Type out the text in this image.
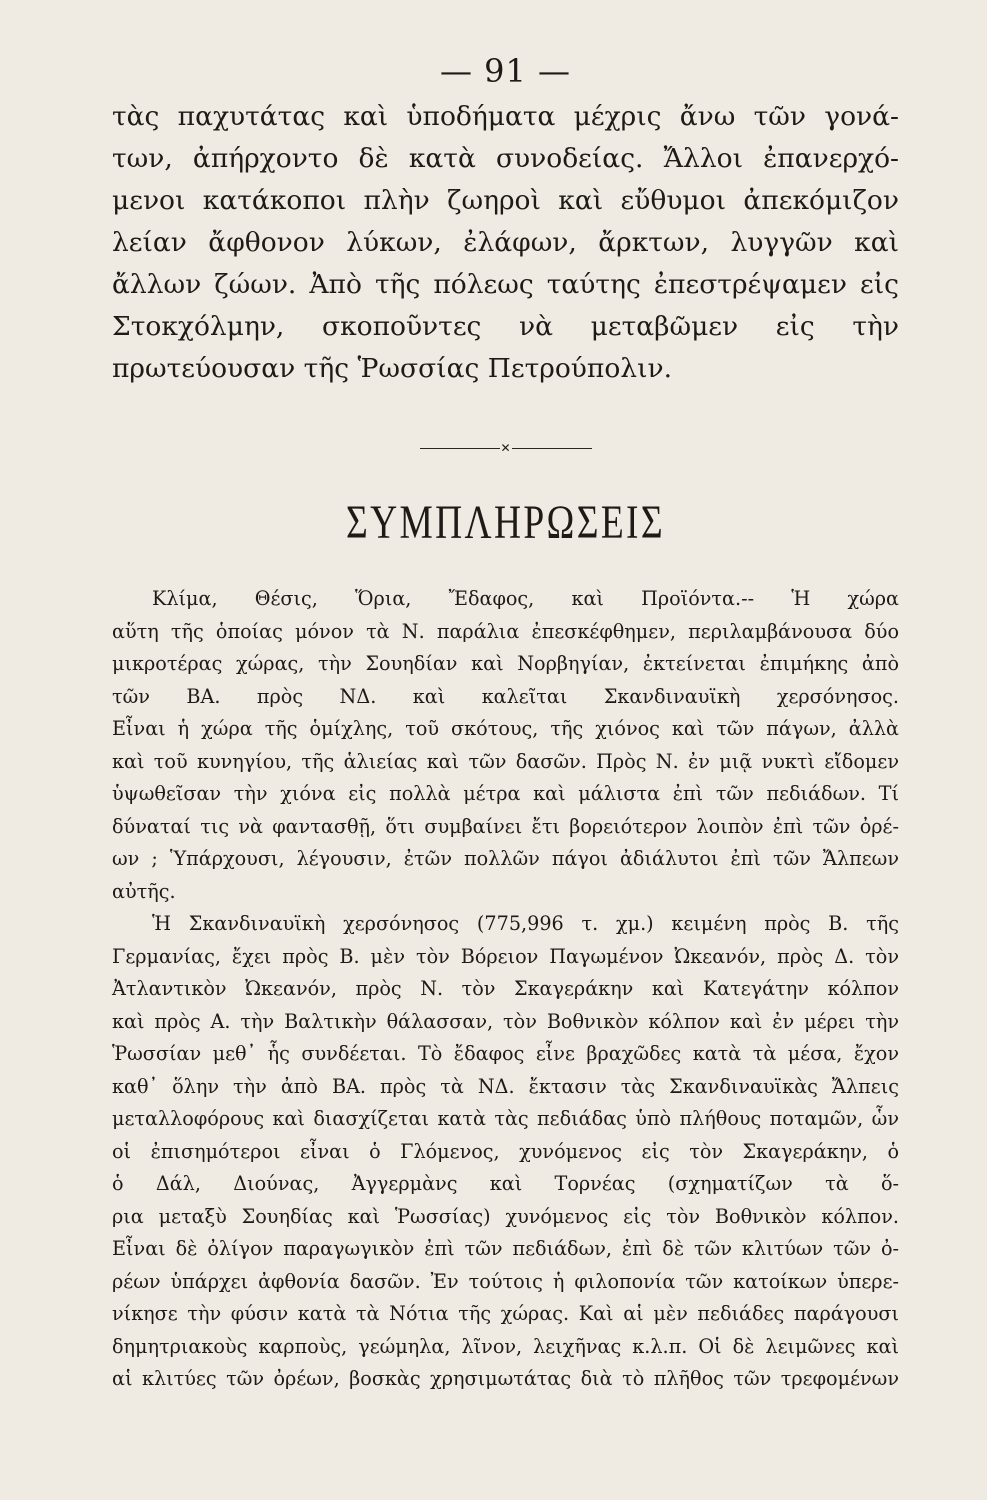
— 91 —
τὰς παχυτάτας καὶ ὑποδήματα μέχρις ἄνω τῶν γονά-
των, ἀπήρχοντο δὲ κατὰ συνοδείας. Ἄλλοι ἐπανερχό-
μενοι κατάκοποι πλὴν ζωηροὶ καὶ εὔθυμοι ἀπεκόμιζον
λείαν ἄφθονον λύκων, ἐλάφων, ἄρκτων, λυγγῶν καὶ
ἄλλων ζώων. Ἀπὸ τῆς πόλεως ταύτης ἐπεστρέψαμεν εἰς
Στοκχόλμην, σκοποῦντες νὰ μεταβῶμεν εἰς τὴν
πρωτεύουσαν τῆς Ῥωσσίας Πετρούπολιν.
✕
ΣΥΜΠΛΗΡΩΣΕΙΣ
Κλίμα, Θέσις, Ὅρια, Ἔδαφος, καὶ Προϊόντα.-- Ἡ χώρα
αὕτη τῆς ὁποίας μόνον τὰ Ν. παράλια ἐπεσκέφθημεν, περιλαμβάνουσα δύο
μικροτέρας χώρας, τὴν Σουηδίαν καὶ Νορβηγίαν, ἐκτείνεται ἐπιμήκης ἀπὸ
τῶν ΒΑ. πρὸς ΝΔ. καὶ καλεῖται Σκανδιναυϊκὴ χερσόνησος.
Εἶναι ἡ χώρα τῆς ὁμίχλης, τοῦ σκότους, τῆς χιόνος καὶ τῶν πάγων, ἀλλὰ
καὶ τοῦ κυνηγίου, τῆς ἁλιείας καὶ τῶν δασῶν. Πρὸς Ν. ἐν μιᾷ νυκτὶ εἴδομεν
ὑψωθεῖσαν τὴν χιόνα εἰς πολλὰ μέτρα καὶ μάλιστα ἐπὶ τῶν πεδιάδων. Τί
δύναταί τις νὰ φαντασθῇ, ὅτι συμβαίνει ἔτι βορειότερον λοιπὸν ἐπὶ τῶν ὀρέ-
ων ; Ὑπάρχουσι, λέγουσιν, ἐτῶν πολλῶν πάγοι ἀδιάλυτοι ἐπὶ τῶν Ἄλπεων
αὐτῆς.
Ἡ Σκανδιναυϊκὴ χερσόνησος (775,996 τ. χμ.) κειμένη πρὸς Β. τῆς
Γερμανίας, ἔχει πρὸς Β. μὲν τὸν Βόρειον Παγωμένον Ὠκεανόν, πρὸς Δ. τὸν
Ἀτλαντικὸν Ὠκεανόν, πρὸς Ν. τὸν Σκαγεράκην καὶ Κατεγάτην κόλπον
καὶ πρὸς Α. τὴν Βαλτικὴν θάλασσαν, τὸν Βοθνικὸν κόλπον καὶ ἐν μέρει τὴν
Ῥωσσίαν μεθ᾽ ἧς συνδέεται. Τὸ ἔδαφος εἶνε βραχῶδες κατὰ τὰ μέσα, ἔχον
καθ᾽ ὅλην τὴν ἀπὸ ΒΑ. πρὸς τὰ ΝΔ. ἔκτασιν τὰς Σκανδιναυϊκὰς Ἄλπεις
μεταλλοφόρους καὶ διασχίζεται κατὰ τὰς πεδιάδας ὑπὸ πλήθους ποταμῶν, ὧν
οἱ ἐπισημότεροι εἶναι ὁ Γλόμενος, χυνόμενος εἰς τὸν Σκαγεράκην, ὁ
ὁ Δάλ, Διούνας, Ἀγγερμὰνς καὶ Τορνέας (σχηματίζων τὰ ὅ-
ρια μεταξὺ Σουηδίας καὶ Ῥωσσίας) χυνόμενος εἰς τὸν Βοθνικὸν κόλπον.
Εἶναι δὲ ὀλίγον παραγωγικὸν ἐπὶ τῶν πεδιάδων, ἐπὶ δὲ τῶν κλιτύων τῶν ὀ-
ρέων ὑπάρχει ἀφθονία δασῶν. Ἐν τούτοις ἡ φιλοπονία τῶν κατοίκων ὑπερε-
νίκησε τὴν φύσιν κατὰ τὰ Νότια τῆς χώρας. Καὶ αἱ μὲν πεδιάδες παράγουσι
δημητριακοὺς καρποὺς, γεώμηλα, λῖνον, λειχῆνας κ.λ.π. Οἱ δὲ λειμῶνες καὶ
αἱ κλιτύες τῶν ὀρέων, βοσκὰς χρησιμωτάτας διὰ τὸ πλῆθος τῶν τρεφομένων
